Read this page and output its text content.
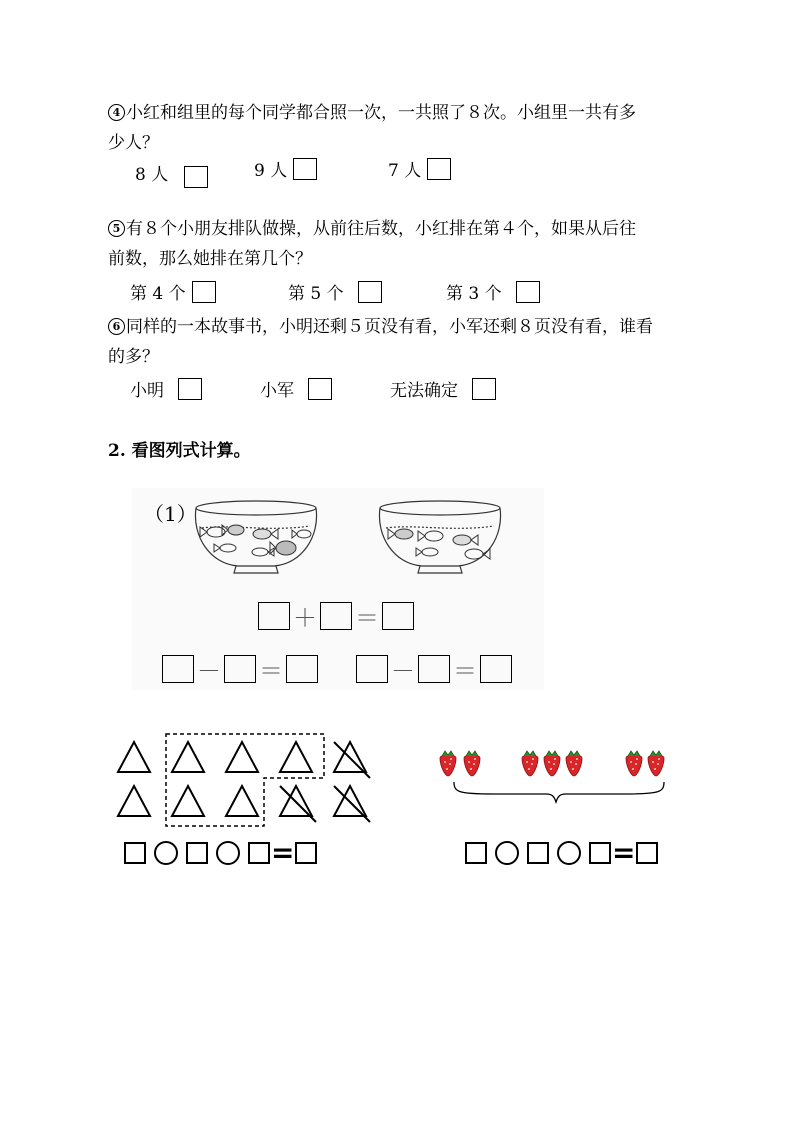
4 小红和组里的每个同学都合照一次，一共照了８次。小组里一共有多
少人？
8 人	9 人	7 人
5 有８个小朋友排队做操，从前往后数，小红排在第４个，如果从后往
前数，那么她排在第几个？
第 4 个	第 5 个	第 3 个
6 同样的一本故事书，小明还剩５页没有看，小军还剩８页没有看，谁看
的多？
小明	小军	无法确定
2. 看图列式计算。
（1）
＋ ＝
－ ＝	－ ＝
=	=
